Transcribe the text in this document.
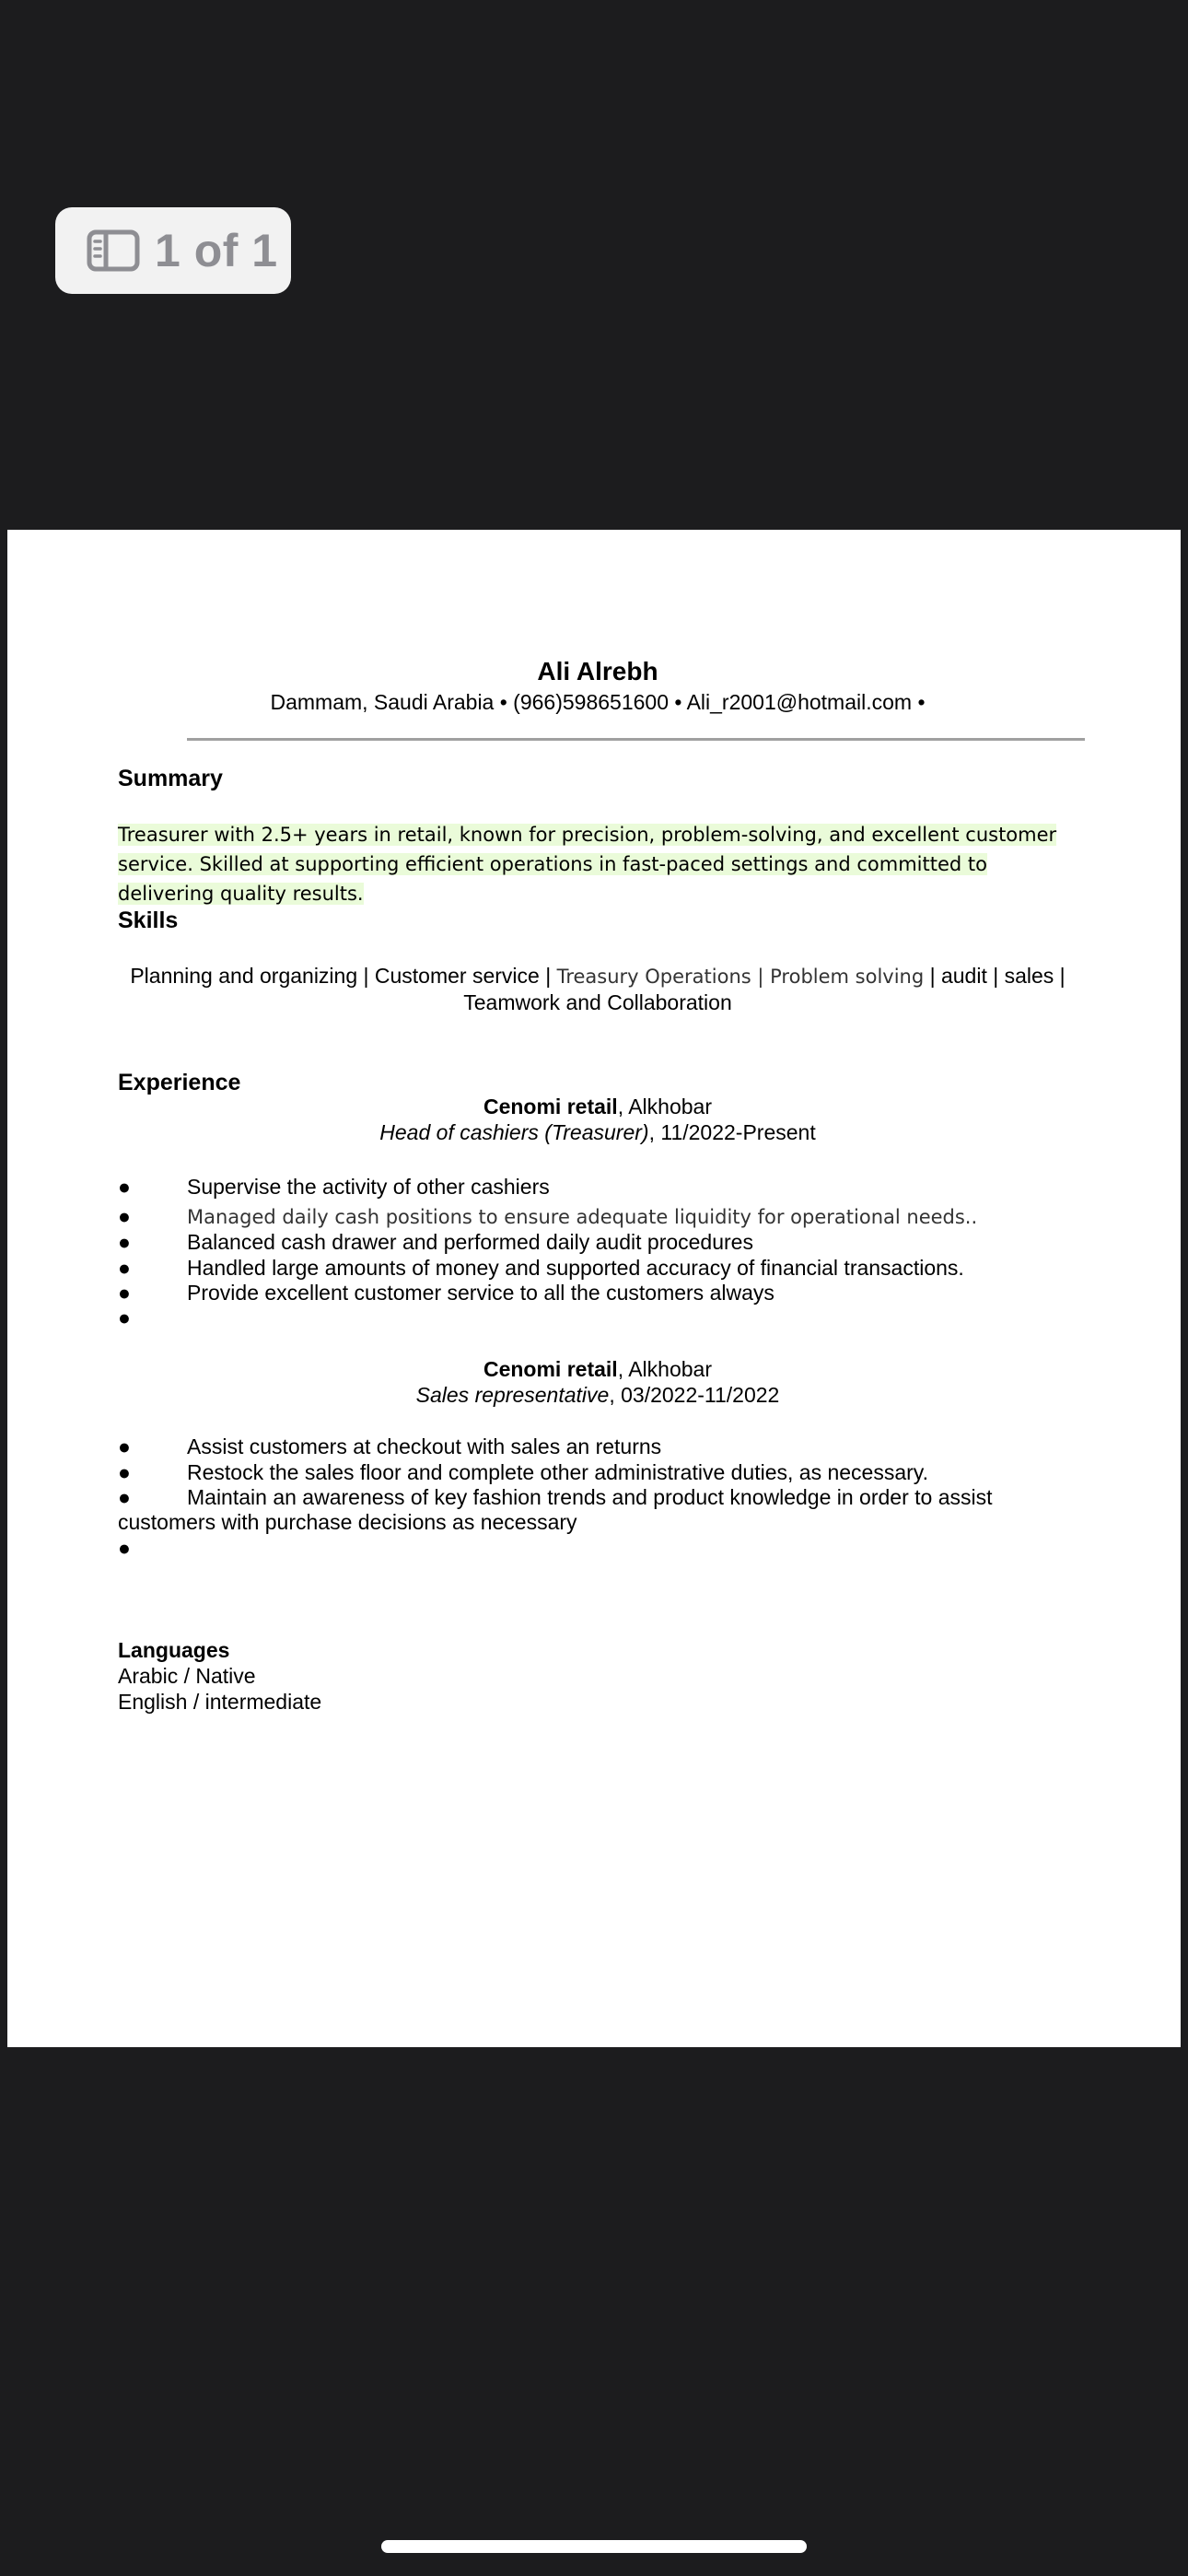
1 of 1
Ali Alrebh
Dammam, Saudi Arabia • (966)598651600 • Ali_r2001@hotmail.com •
Summary
Treasurer with 2.5+ years in retail, known for precision, problem-solving, and excellent customer service. Skilled at supporting efficient operations in fast-paced settings and committed to delivering quality results.
Skills
Planning and organizing | Customer service | Treasury Operations | Problem solving | audit | sales | Teamwork and Collaboration
Experience
Cenomi retail, Alkhobar
Head of cashiers (Treasurer), 11/2022-Present
●	Supervise the activity of other cashiers
●	Managed daily cash positions to ensure adequate liquidity for operational needs..
●	Balanced cash drawer and performed daily audit procedures
●	Handled large amounts of money and supported accuracy of financial transactions.
●	Provide excellent customer service to all the customers always
●
Cenomi retail, Alkhobar
Sales representative, 03/2022-11/2022
●	Assist customers at checkout with sales an returns
●	Restock the sales floor and complete other administrative duties, as necessary.
●	Maintain an awareness of key fashion trends and product knowledge in order to assist customers with purchase decisions as necessary
●
Languages
Arabic / Native
English / intermediate
